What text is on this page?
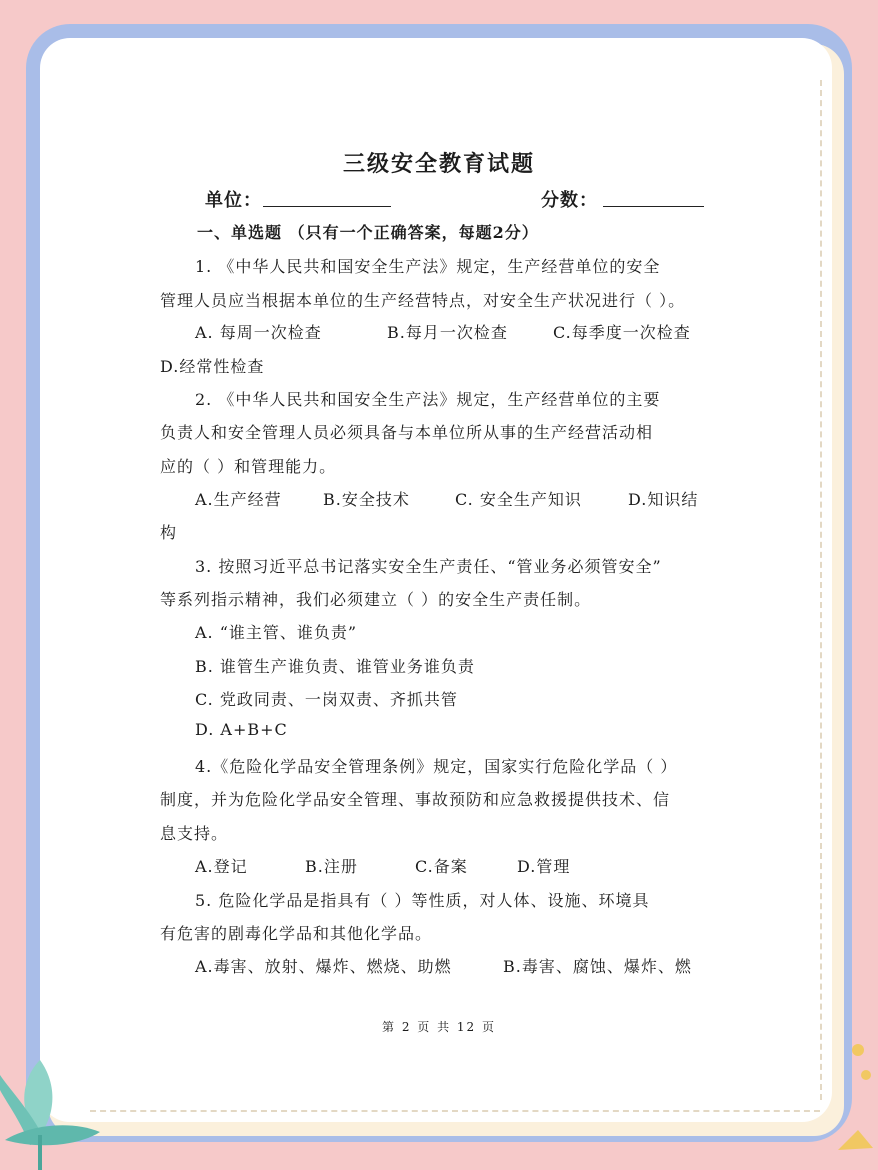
三级安全教育试题
单位：	分数：
一、单选题 （只有一个正确答案，每题2分）
1. 《中华人民共和国安全生产法》规定，生产经营单位的安全
管理人员应当根据本单位的生产经营特点，对安全生产状况进行（ ）。
A. 每周一次检查	B.每月一次检查	C.每季度一次检查
D.经常性检查
2. 《中华人民共和国安全生产法》规定，生产经营单位的主要
负责人和安全管理人员必须具备与本单位所从事的生产经营活动相
应的（ ）和管理能力。
A.生产经营	B.安全技术	C. 安全生产知识	D.知识结
构
3. 按照习近平总书记落实安全生产责任、“管业务必须管安全”
等系列指示精神，我们必须建立（ ）的安全生产责任制。
A. “谁主管、谁负责”
B. 谁管生产谁负责、谁管业务谁负责
C. 党政同责、一岗双责、齐抓共管
D. A+B+C
4.《危险化学品安全管理条例》规定，国家实行危险化学品（ ）
制度，并为危险化学品安全管理、事故预防和应急救援提供技术、信
息支持。
A.登记	B.注册	C.备案	D.管理
5. 危险化学品是指具有（ ）等性质，对人体、设施、环境具
有危害的剧毒化学品和其他化学品。
A.毒害、放射、爆炸、燃烧、助燃	B.毒害、腐蚀、爆炸、燃
第 2 页 共 12 页
